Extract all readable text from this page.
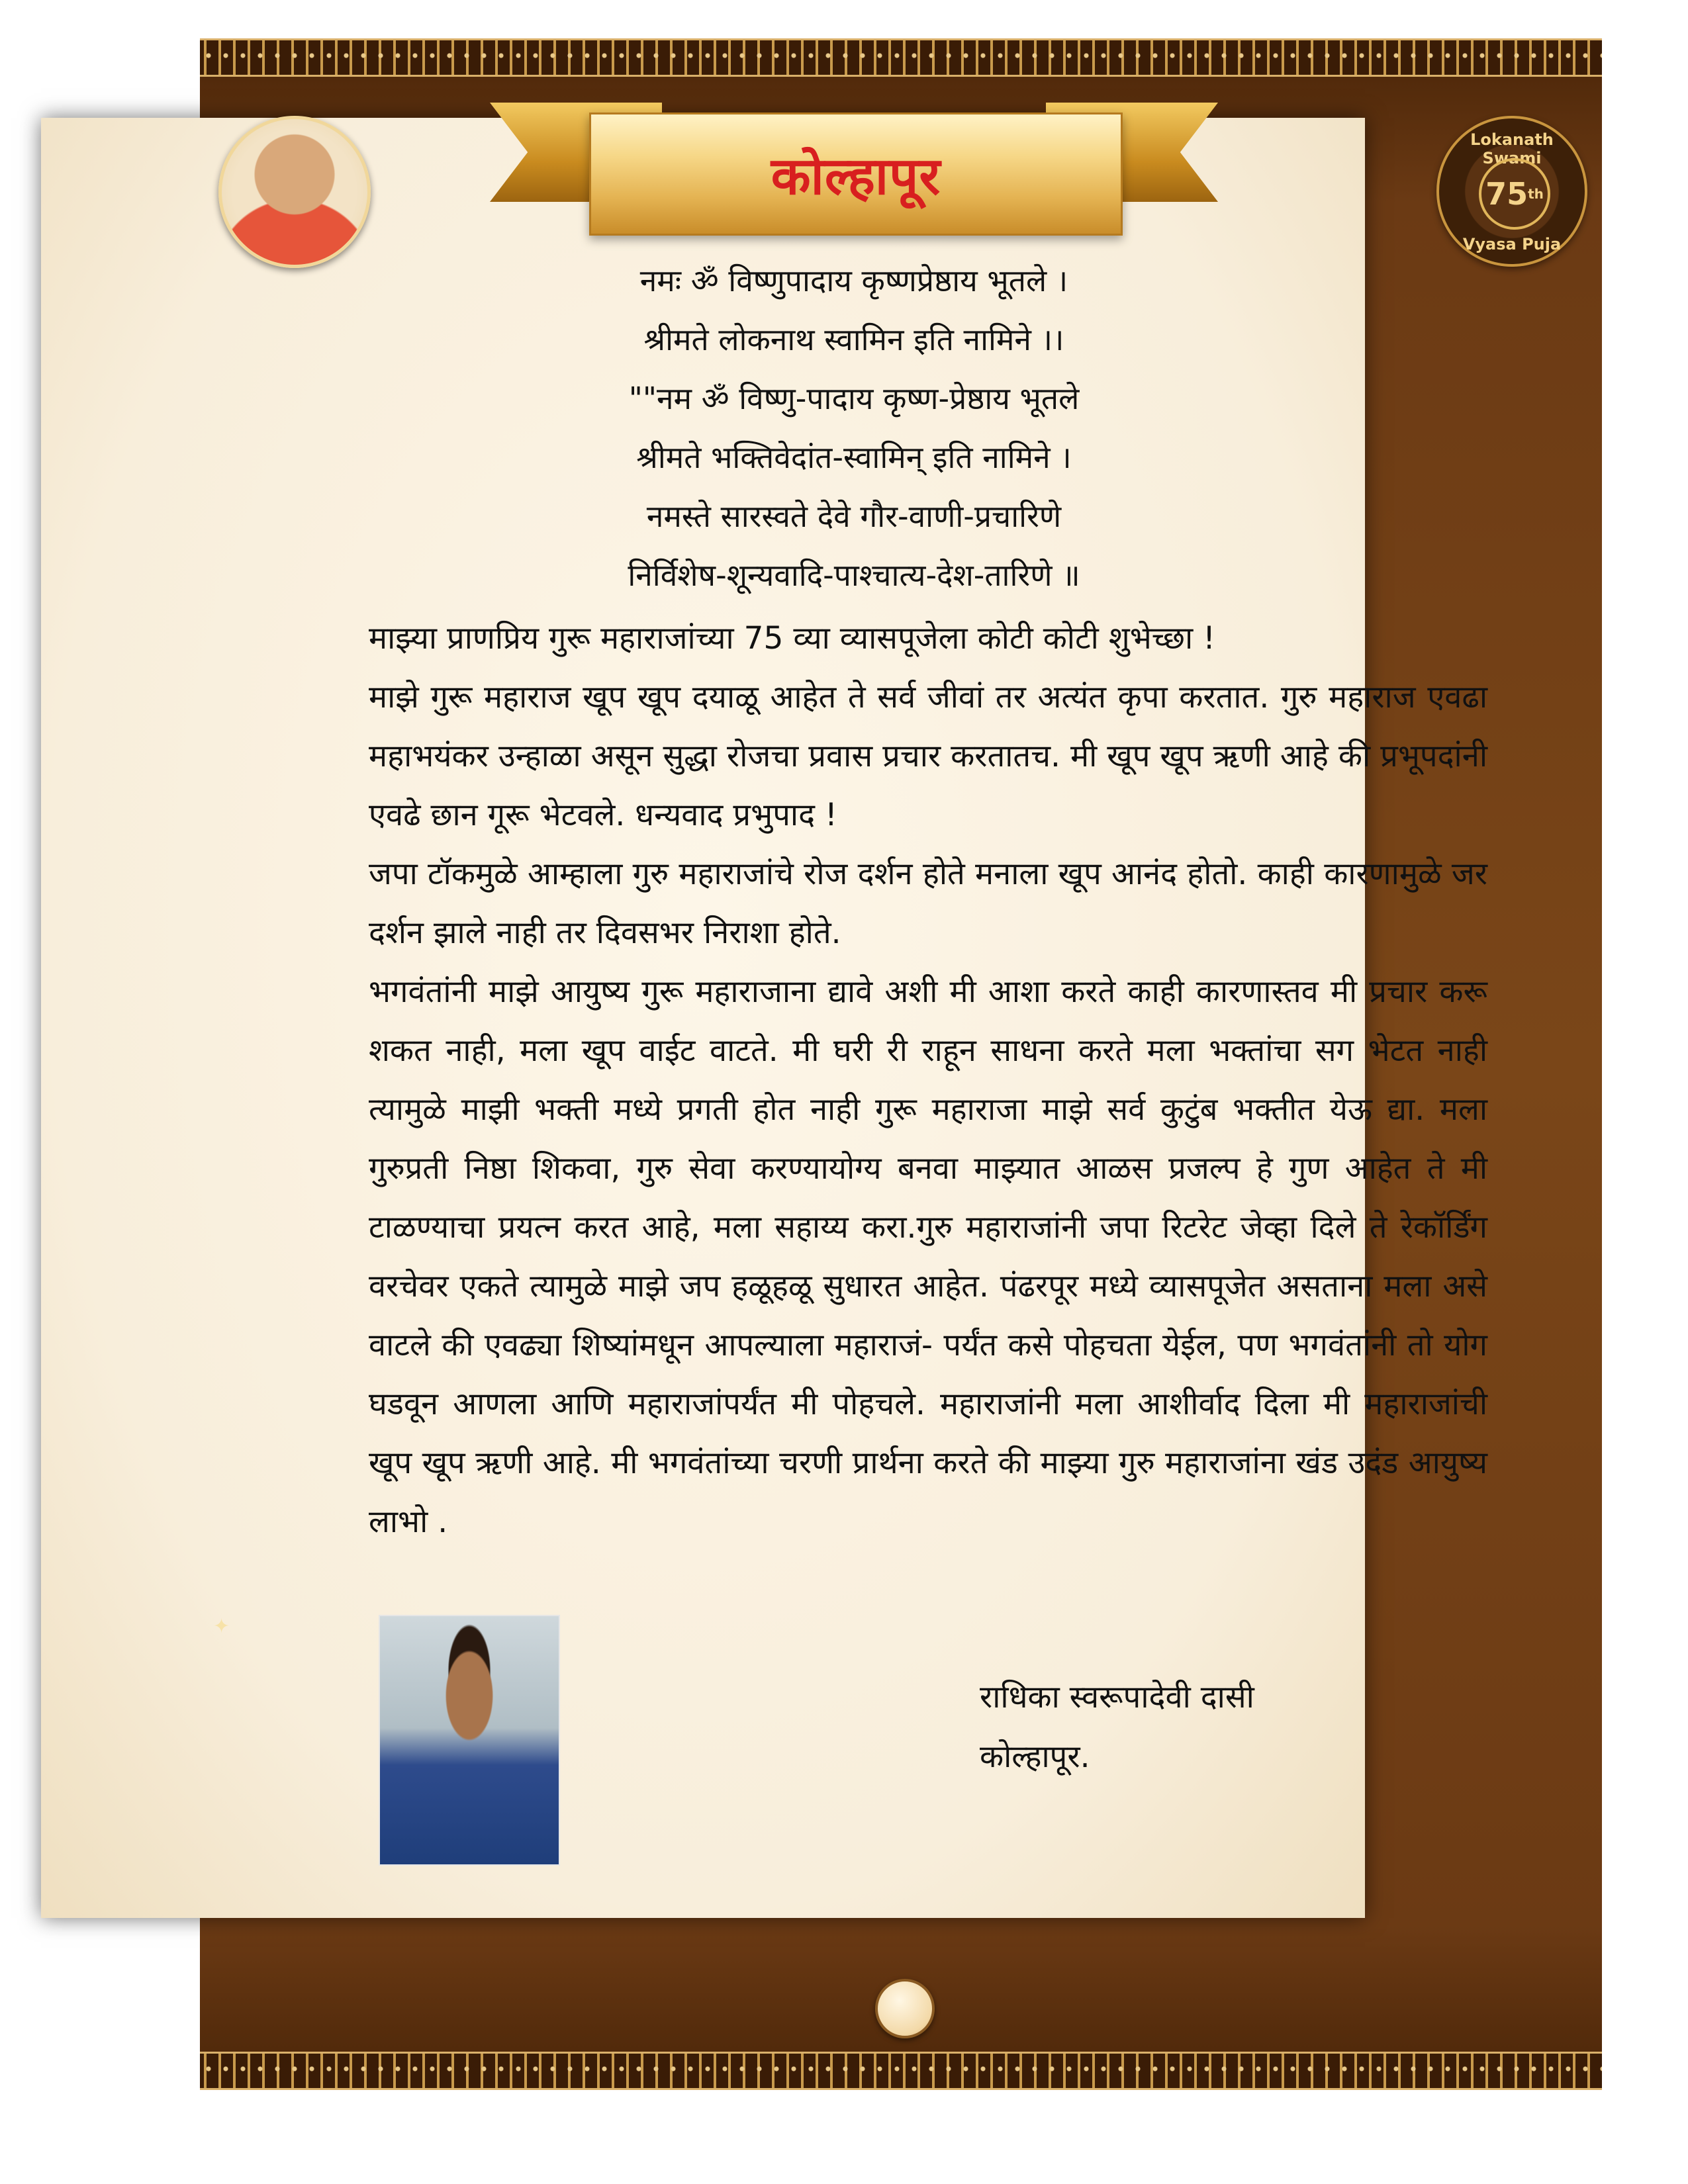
कोल्हापूर
Lokanath Swami
75 th
Vyasa Puja
नमः ॐ विष्णुपादाय कृष्णप्रेष्ठाय भूतले ।
श्रीमते लोकनाथ स्वामिन इति नामिने ।।
""नम ॐ विष्णु-पादाय कृष्ण-प्रेष्ठाय भूतले
श्रीमते भक्तिवेदांत-स्वामिन् इति नामिने ।
नमस्ते सारस्वते देवे गौर-वाणी-प्रचारिणे
निर्विशेष-शून्यवादि-पाश्चात्य-देश-तारिणे ॥

माझ्या प्राणप्रिय गुरू महाराजांच्या 75 व्या व्यासपूजेला कोटी कोटी शुभेच्छा !

माझे गुरू महाराज खूप खूप दयाळू आहेत ते सर्व जीवां तर अत्यंत कृपा करतात. गुरु महाराज एवढा महाभयंकर उन्हाळा असून सुद्धा रोजचा प्रवास प्रचार करतातच. मी खूप खूप ऋणी आहे की प्रभूपदांनी एवढे छान गूरू भेटवले. धन्यवाद प्रभुपाद !

जपा टॉकमुळे आम्हाला गुरु महाराजांचे रोज दर्शन होते मनाला खूप आनंद होतो. काही कारणामुळे जर दर्शन झाले नाही तर दिवसभर निराशा होते.

भगवंतांनी माझे आयुष्य गुरू महाराजाना द्यावे अशी मी आशा करते काही कारणास्तव मी प्रचार करू शकत नाही, मला खूप वाईट वाटते. मी घरी री राहून साधना करते मला भक्तांचा सग भेटत नाही त्यामुळे माझी भक्ती मध्ये प्रगती होत नाही गुरू महाराजा माझे सर्व कुटुंब भक्तीत येऊ द्या. मला गुरुप्रती निष्ठा शिकवा, गुरु सेवा करण्यायोग्य बनवा माझ्यात आळस प्रजल्प हे गुण आहेत ते मी टाळण्याचा प्रयत्न करत आहे, मला सहाय्य करा.गुरु महाराजांनी जपा रिटरेट जेव्हा दिले ते रेकॉर्डिंग वरचेवर एकते त्यामुळे माझे जप हळूहळू सुधारत आहेत. पंढरपूर मध्ये व्यासपूजेत असताना मला असे वाटले की एवढ्या शिष्यांमधून आपल्याला महाराजं- पर्यंत कसे पोहचता येईल, पण भगवंतांनी तो योग घडवून आणला आणि महाराजांपर्यंत मी पोहचले. महाराजांनी मला आशीर्वाद दिला मी महाराजांची खूप खूप ऋणी आहे. मी भगवंतांच्या चरणी प्रार्थना करते की माझ्या गुरु महाराजांना खंड उदंड आयुष्य लाभो .

✦
राधिका स्वरूपादेवी दासी
कोल्हापूर.
